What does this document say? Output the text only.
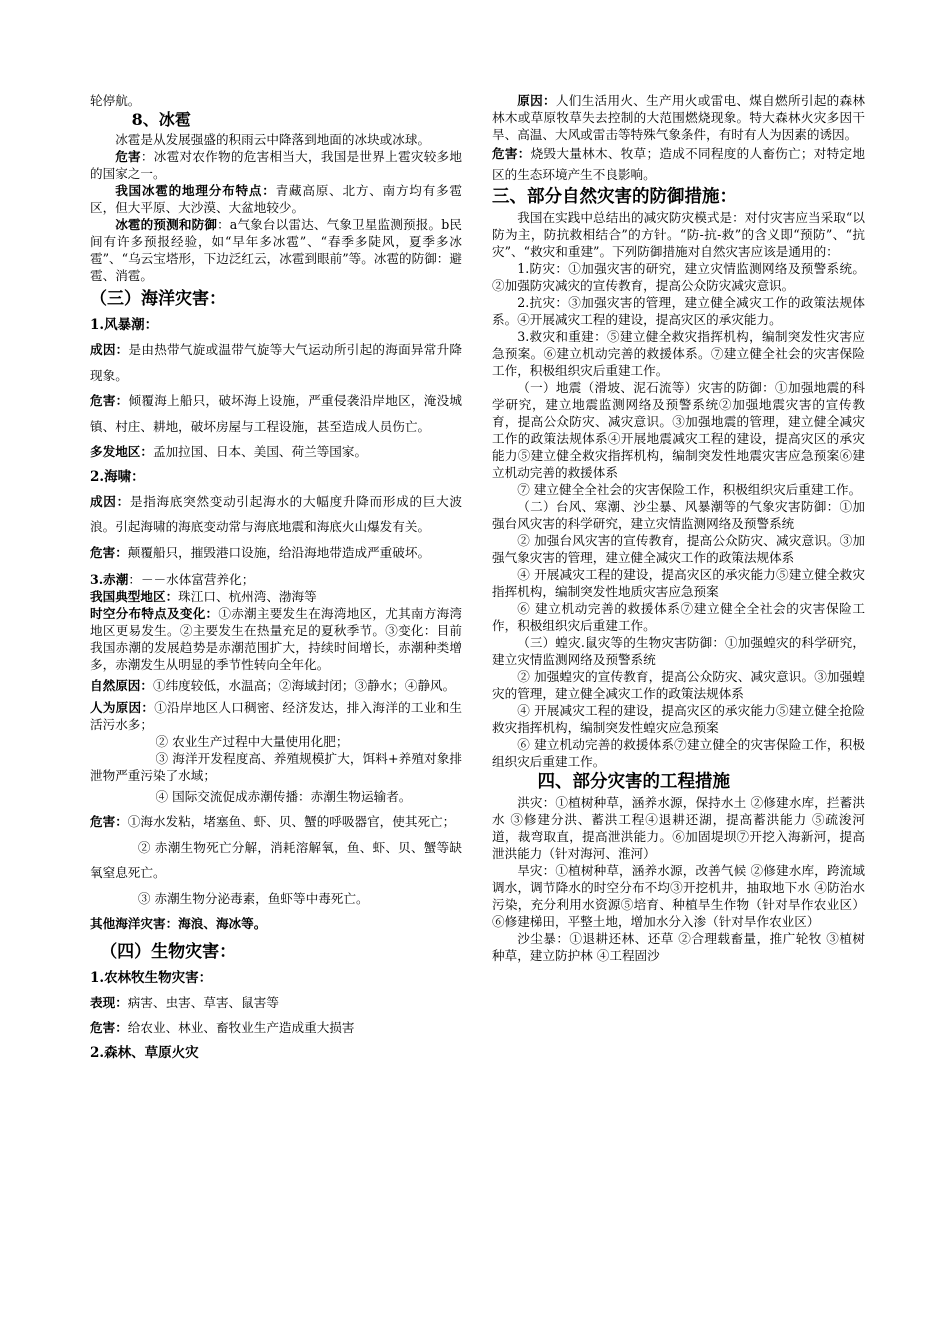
轮停航。

8、冰雹

冰雹是从发展强盛的积雨云中降落到地面的冰块或冰球。

危害：冰雹对农作物的危害相当大，我国是世界上雹灾较多地的国家之一。

我国冰雹的地理分布特点：青藏高原、北方、南方均有多雹区，但大平原、大沙漠、大盆地较少。

冰雹的预测和防御：a气象台以雷达、气象卫星监测预报。b民间有许多预报经验，如“早年多冰雹”、“春季多陡风，夏季多冰雹”、“乌云宝塔形，下边泛红云，冰雹到眼前”等。冰雹的防御：避雹、消雹。

（三）海洋灾害：
1.风暴潮：

成因：是由热带气旋或温带气旋等大气运动所引起的海面异常升降现象。

危害：倾覆海上船只，破坏海上设施，严重侵袭沿岸地区，淹没城镇、村庄、耕地，破坏房屋与工程设施，甚至造成人员伤亡。

多发地区：孟加拉国、日本、美国、荷兰等国家。

2.海啸：

成因：是指海底突然变动引起海水的大幅度升降而形成的巨大波浪。引起海啸的海底变动常与海底地震和海底火山爆发有关。

危害：颠覆船只，摧毁港口设施，给沿海地带造成严重破坏。

3.赤潮：－－水体富营养化；

我国典型地区：珠江口、杭州湾、渤海等

时空分布特点及变化：①赤潮主要发生在海湾地区，尤其南方海湾地区更易发生。②主要发生在热量充足的夏秋季节。③变化：目前我国赤潮的发展趋势是赤潮范围扩大，持续时间增长，赤潮种类增多，赤潮发生从明显的季节性转向全年化。

自然原因：①纬度较低，水温高；②海域封闭；③静水；④静风。

人为原因：①沿岸地区人口稠密、经济发达，排入海洋的工业和生活污水多；

② 农业生产过程中大量使用化肥；

③ 海洋开发程度高、养殖规模扩大，饵料+养殖对象排泄物严重污染了水域；

④ 国际交流促成赤潮传播：赤潮生物运输者。

危害：①海水发粘，堵塞鱼、虾、贝、蟹的呼吸器官，使其死亡；

② 赤潮生物死亡分解，消耗溶解氧，鱼、虾、贝、蟹等缺氧窒息死亡。

③ 赤潮生物分泌毒素，鱼虾等中毒死亡。

其他海洋灾害：海浪、海冰等。

（四）生物灾害：
1.农林牧生物灾害：

表现：病害、虫害、草害、鼠害等

危害：给农业、林业、畜牧业生产造成重大损害

2.森林、草原火灾

原因：人们生活用火、生产用火或雷电、煤自燃所引起的森林林木或草原牧草失去控制的大范围燃烧现象。特大森林火灾多因干旱、高温、大风或雷击等特殊气象条件，有时有人为因素的诱因。

危害：烧毁大量林木、牧草；造成不同程度的人畜伤亡；对特定地区的生态环境产生不良影响。

三、部分自然灾害的防御措施：

我国在实践中总结出的减灾防灾模式是：对付灾害应当采取“以防为主，防抗救相结合”的方针。“防-抗-救”的含义即“预防”、“抗灾”、“救灾和重建”。下列防御措施对自然灾害应该是通用的：

1.防灾：①加强灾害的研究，建立灾情监测网络及预警系统。②加强防灾减灾的宣传教育，提高公众防灾减灾意识。

2.抗灾：③加强灾害的管理，建立健全减灾工作的政策法规体系。④开展减灾工程的建设，提高灾区的承灾能力。

3.救灾和重建：⑤建立健全救灾指挥机构，编制突发性灾害应急预案。⑥建立机动完善的救援体系。⑦建立健全社会的灾害保险工作，积极组织灾后重建工作。

（一）地震（滑坡、泥石流等）灾害的防御：①加强地震的科学研究，建立地震监测网络及预警系统②加强地震灾害的宣传教育，提高公众防灾、减灾意识。③加强地震的管理，建立健全减灾工作的政策法规体系④开展地震减灾工程的建设，提高灾区的承灾能力⑤建立健全救灾指挥机构，编制突发性地震灾害应急预案⑥建立机动完善的救援体系

⑦ 建立健全全社会的灾害保险工作，积极组织灾后重建工作。

（二）台风、寒潮、沙尘暴、风暴潮等的气象灾害防御：①加强台风灾害的科学研究，建立灾情监测网络及预警系统

② 加强台风灾害的宣传教育，提高公众防灾、减灾意识。③加强气象灾害的管理，建立健全减灾工作的政策法规体系

④ 开展减灾工程的建设，提高灾区的承灾能力⑤建立健全救灾指挥机构，编制突发性地质灾害应急预案

⑥ 建立机动完善的救援体系⑦建立健全全社会的灾害保险工作，积极组织灾后重建工作。

（三）蝗灾.鼠灾等的生物灾害防御：①加强蝗灾的科学研究，建立灾情监测网络及预警系统

② 加强蝗灾的宣传教育，提高公众防灾、减灾意识。③加强蝗灾的管理，建立健全减灾工作的政策法规体系

④ 开展减灾工程的建设，提高灾区的承灾能力⑤建立健全抢险救灾指挥机构，编制突发性蝗灾应急预案

⑥ 建立机动完善的救援体系⑦建立健全的灾害保险工作，积极组织灾后重建工作。

四、部分灾害的工程措施

洪灾：①植树种草，涵养水源，保持水土 ②修建水库，拦蓄洪水 ③修建分洪、蓄洪工程④退耕还湖，提高蓄洪能力 ⑤疏浚河道，裁弯取直，提高泄洪能力。⑥加固堤坝⑦开挖入海新河，提高泄洪能力（针对海河、淮河）

旱灾：①植树种草，涵养水源，改善气候 ②修建水库，跨流域调水，调节降水的时空分布不均③开挖机井，抽取地下水 ④防治水污染，充分利用水资源⑤培育、种植旱生作物（针对旱作农业区）⑥修建梯田，平整土地，增加水分入渗（针对旱作农业区）

沙尘暴：①退耕还林、还草 ②合理载畜量，推广轮牧 ③植树种草，建立防护林 ④工程固沙
